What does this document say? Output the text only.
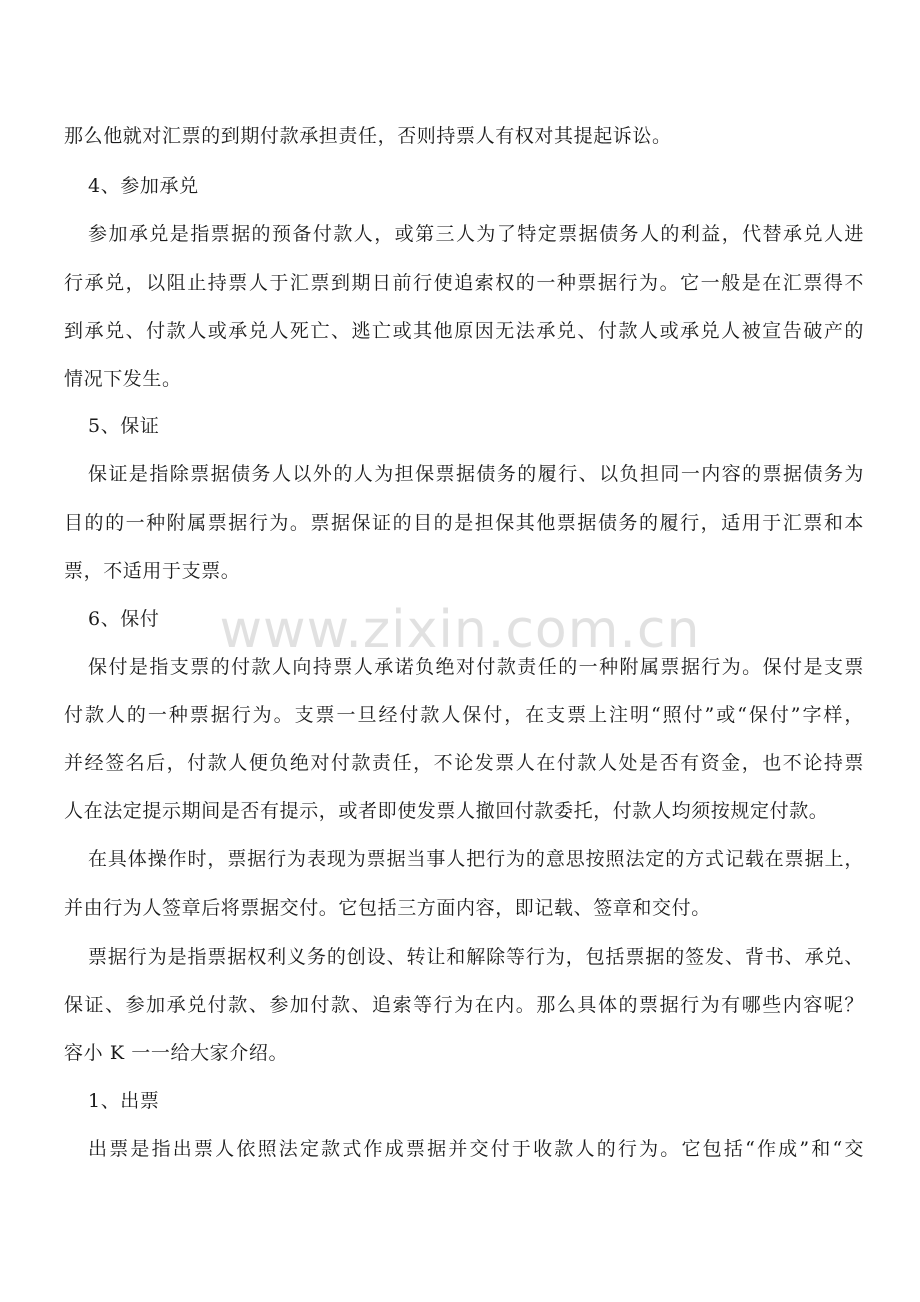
那么他就对汇票的到期付款承担责任，否则持票人有权对其提起诉讼。
4、参加承兑
参加承兑是指票据的预备付款人，或第三人为了特定票据债务人的利益，代替承兑人进
行承兑，以阻止持票人于汇票到期日前行使追索权的一种票据行为。它一般是在汇票得不
到承兑、付款人或承兑人死亡、逃亡或其他原因无法承兑、付款人或承兑人被宣告破产的
情况下发生。
5、保证
保证是指除票据债务人以外的人为担保票据债务的履行、以负担同一内容的票据债务为
目的的一种附属票据行为。票据保证的目的是担保其他票据债务的履行，适用于汇票和本
票，不适用于支票。
6、保付
保付是指支票的付款人向持票人承诺负绝对付款责任的一种附属票据行为。保付是支票
付款人的一种票据行为。支票一旦经付款人保付，在支票上注明“照付”或“保付”字样，
并经签名后，付款人便负绝对付款责任，不论发票人在付款人处是否有资金，也不论持票
人在法定提示期间是否有提示，或者即使发票人撤回付款委托，付款人均须按规定付款。
在具体操作时，票据行为表现为票据当事人把行为的意思按照法定的方式记载在票据上，
并由行为人签章后将票据交付。它包括三方面内容，即记载、签章和交付。
票据行为是指票据权利义务的创设、转让和解除等行为，包括票据的签发、背书、承兑、
保证、参加承兑付款、参加付款、追索等行为在内。那么具体的票据行为有哪些内容呢？
容小 K 一一给大家介绍。
1、出票
出票是指出票人依照法定款式作成票据并交付于收款人的行为。它包括“作成”和“交
www.zixin.com.cn
